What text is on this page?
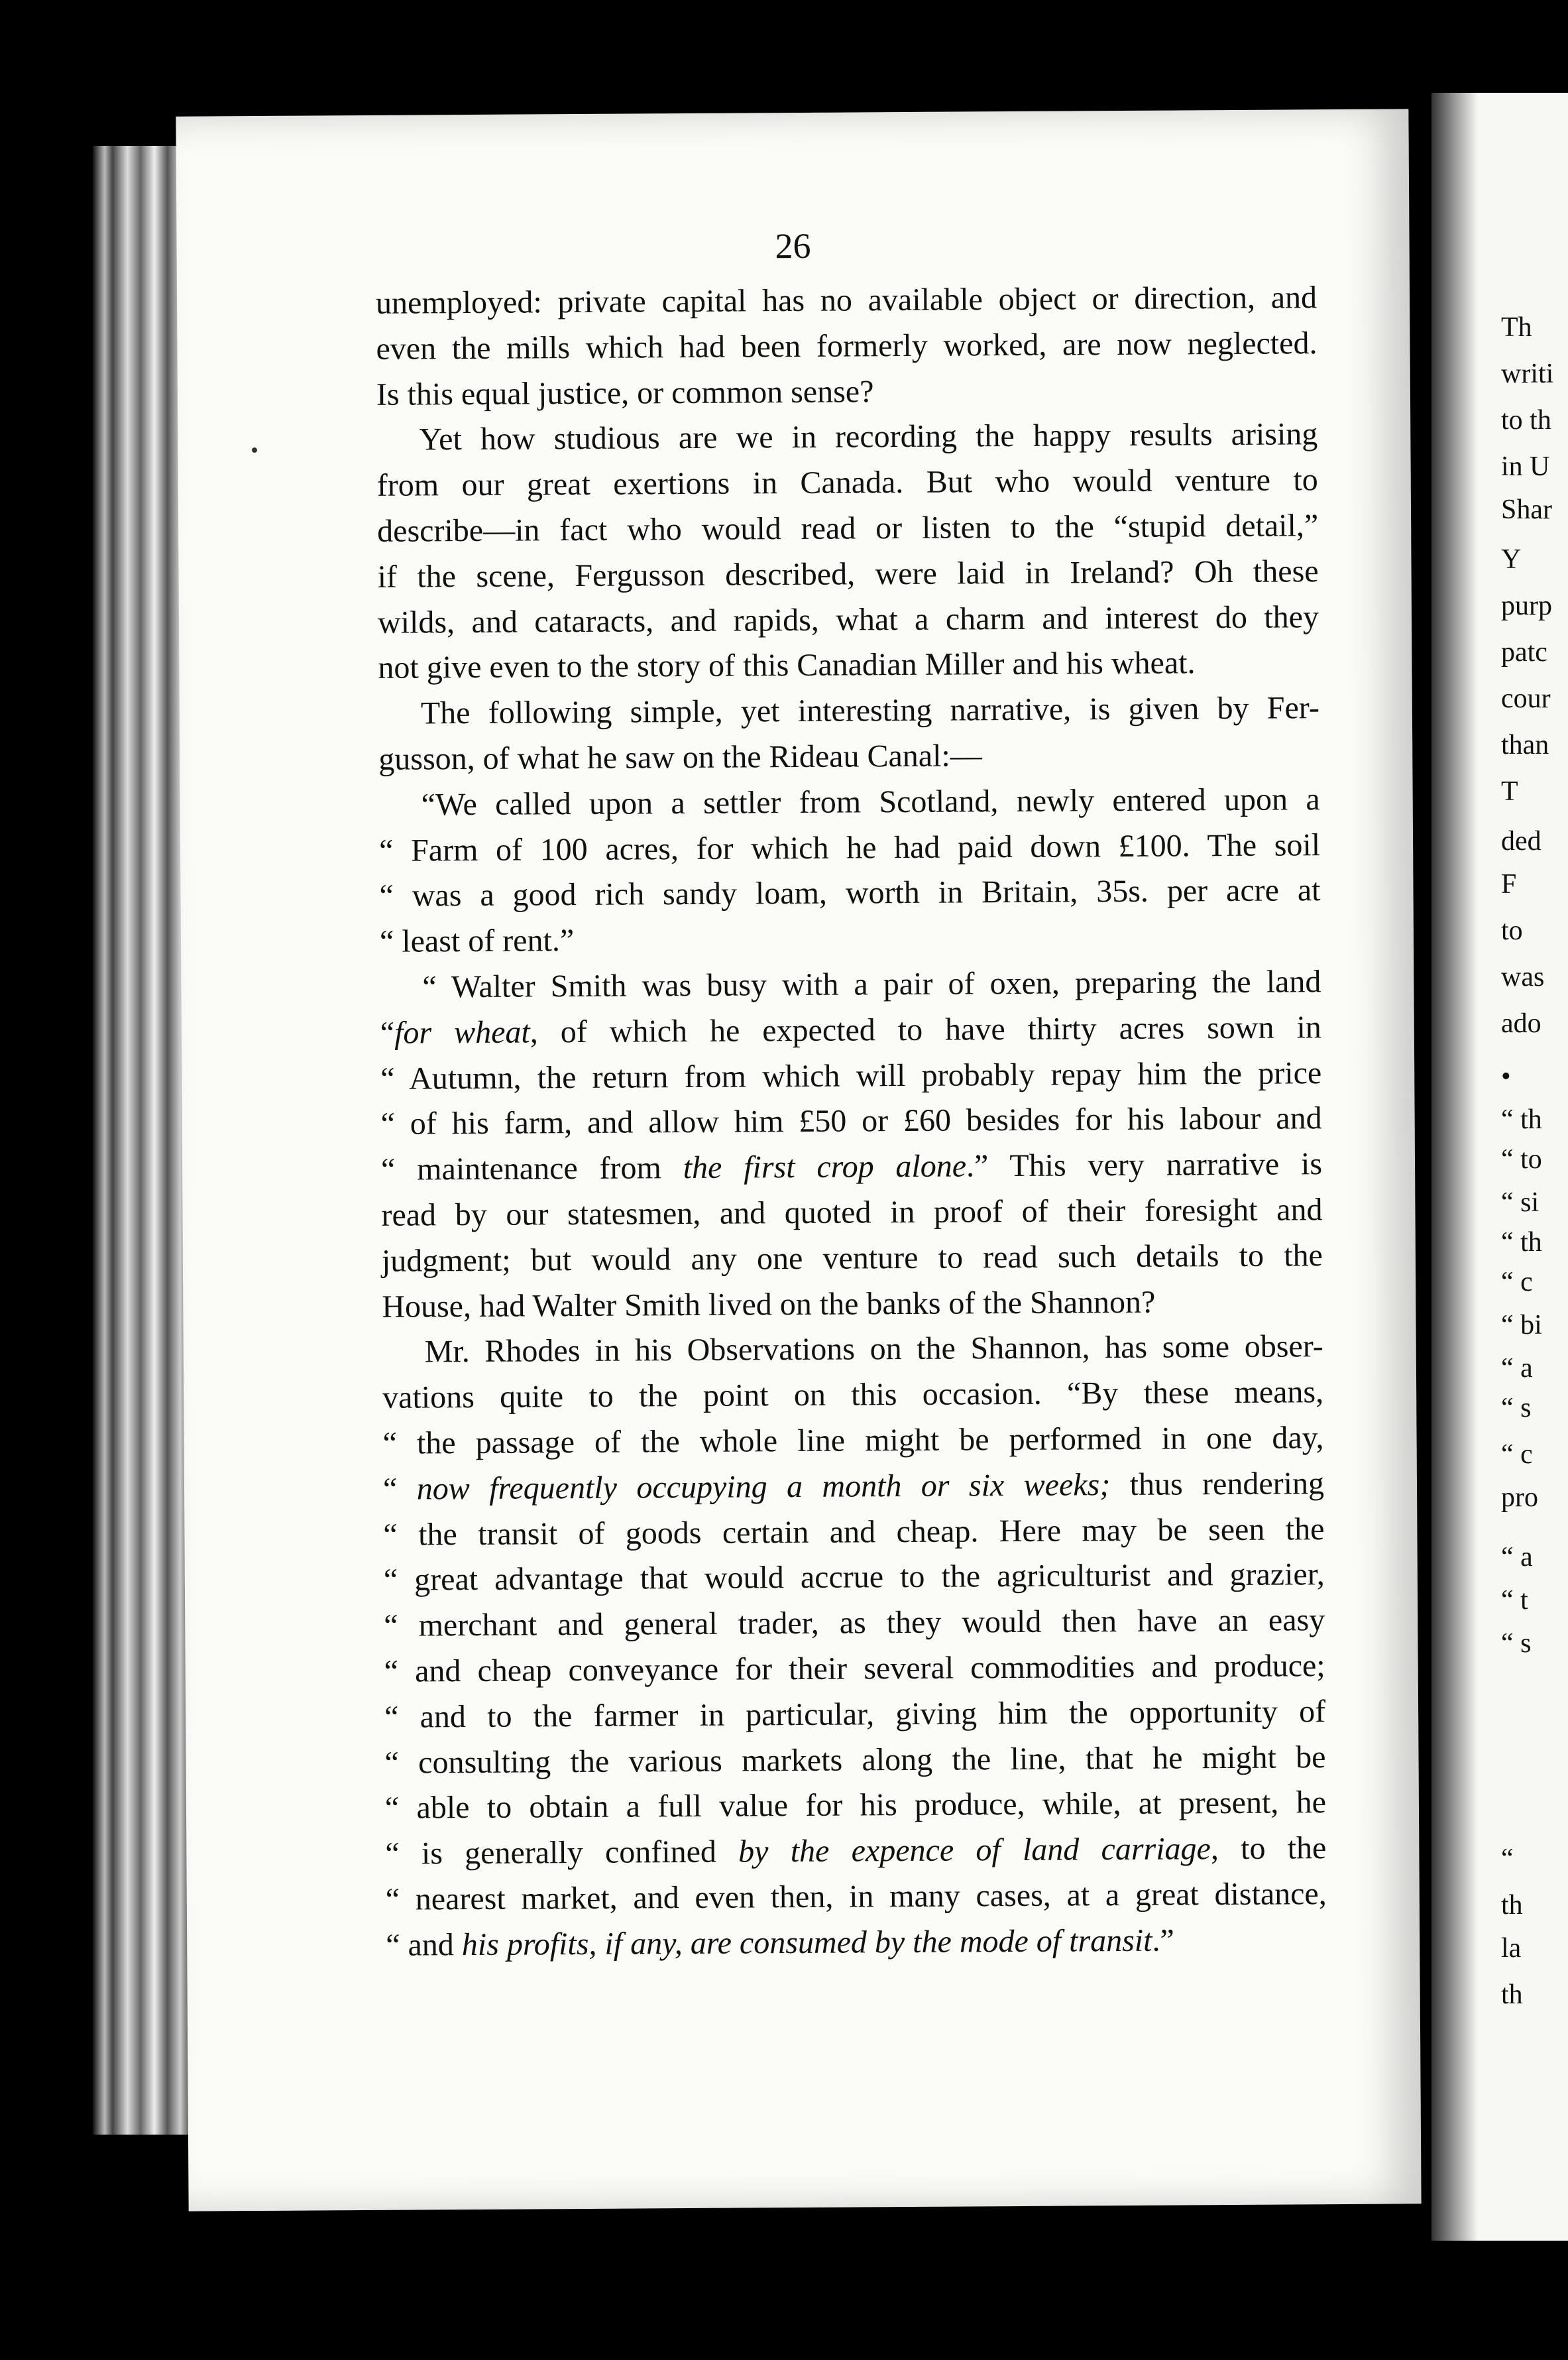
Th
writi
to th
in U
Shar
Y
purp
patc
cour
than
T
ded
F
to
was
ado
•
“ th
“ to
“ si
“ th
“ c
“ bi
“ a
“ s
“ c
pro
“ a
“ t
“ s
“
th
la
th
26
unemployed: private capital has no available object or direction, and
even the mills which had been formerly worked, are now neglected.
Is this equal justice, or common sense?
Yet how studious are we in recording the happy results arising
from our great exertions in Canada. But who would venture to
describe—in fact who would read or listen to the “stupid detail,”
if the scene, Fergusson described, were laid in Ireland? Oh these
wilds, and cataracts, and rapids, what a charm and interest do they
not give even to the story of this Canadian Miller and his wheat.
The following simple, yet interesting narrative, is given by Fer-
gusson, of what he saw on the Rideau Canal:—
“We called upon a settler from Scotland, newly entered upon a
“ Farm of 100 acres, for which he had paid down £100. The soil
“ was a good rich sandy loam, worth in Britain, 35s. per acre at
“ least of rent.”
“ Walter Smith was busy with a pair of oxen, preparing the land
“for wheat, of which he expected to have thirty acres sown in
“ Autumn, the return from which will probably repay him the price
“ of his farm, and allow him £50 or £60 besides for his labour and
“ maintenance from the first crop alone.” This very narrative is
read by our statesmen, and quoted in proof of their foresight and
judgment; but would any one venture to read such details to the
House, had Walter Smith lived on the banks of the Shannon?
Mr. Rhodes in his Observations on the Shannon, has some obser-
vations quite to the point on this occasion. “By these means,
“ the passage of the whole line might be performed in one day,
“ now frequently occupying a month or six weeks; thus rendering
“ the transit of goods certain and cheap. Here may be seen the
“ great advantage that would accrue to the agriculturist and grazier,
“ merchant and general trader, as they would then have an easy
“ and cheap conveyance for their several commodities and produce;
“ and to the farmer in particular, giving him the opportunity of
“ consulting the various markets along the line, that he might be
“ able to obtain a full value for his produce, while, at present, he
“ is generally confined by the expence of land carriage, to the
“ nearest market, and even then, in many cases, at a great distance,
“ and his profits, if any, are consumed by the mode of transit.”
